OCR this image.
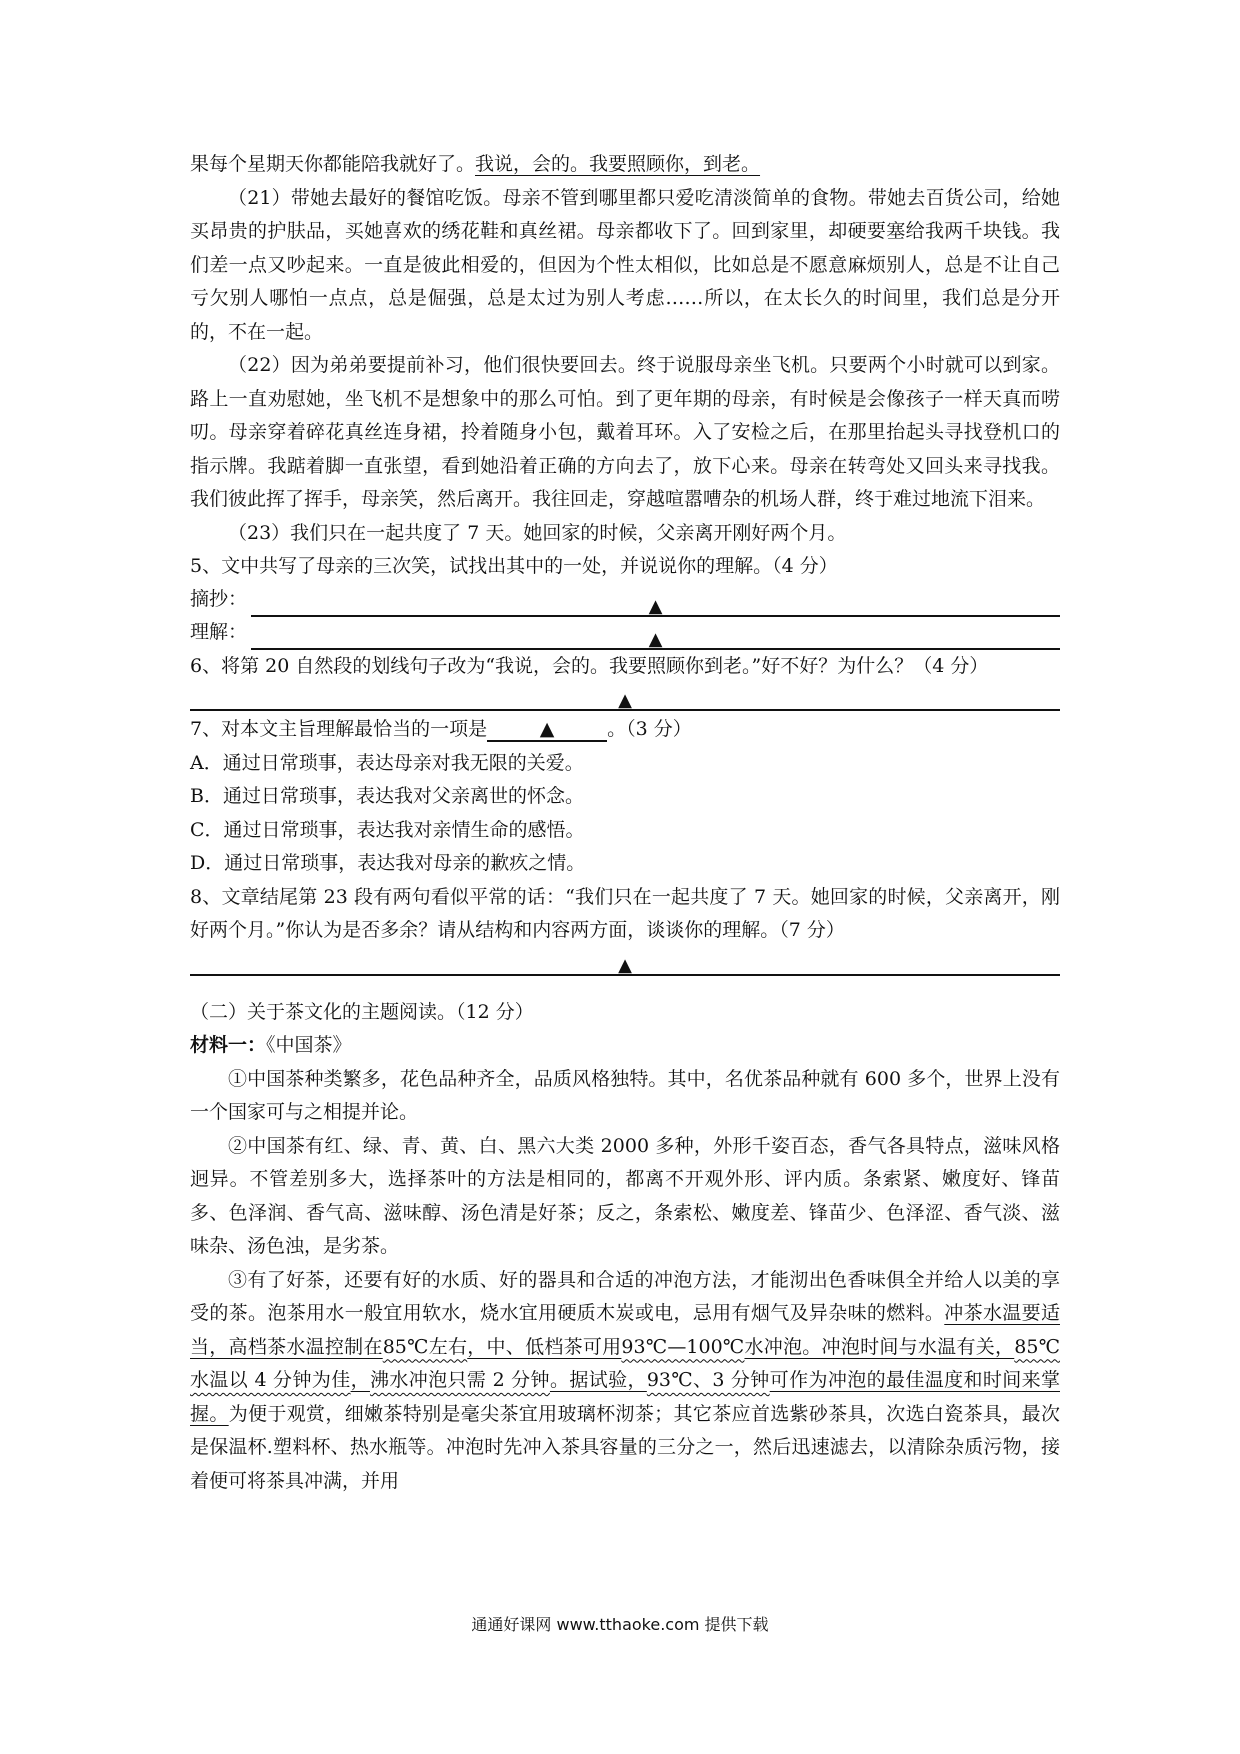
果每个星期天你都能陪我就好了。我说，会的。我要照顾你，到老。

（21）带她去最好的餐馆吃饭。母亲不管到哪里都只爱吃清淡简单的食物。带她去百货公司，给她买昂贵的护肤品，买她喜欢的绣花鞋和真丝裙。母亲都收下了。回到家里，却硬要塞给我两千块钱。我们差一点又吵起来。一直是彼此相爱的，但因为个性太相似，比如总是不愿意麻烦别人，总是不让自己亏欠别人哪怕一点点，总是倔强，总是太过为别人考虑……所以，在太长久的时间里，我们总是分开的，不在一起。

（22）因为弟弟要提前补习，他们很快要回去。终于说服母亲坐飞机。只要两个小时就可以到家。路上一直劝慰她，坐飞机不是想象中的那么可怕。到了更年期的母亲，有时候是会像孩子一样天真而唠叨。母亲穿着碎花真丝连身裙，拎着随身小包，戴着耳环。入了安检之后，在那里抬起头寻找登机口的指示牌。我踮着脚一直张望，看到她沿着正确的方向去了，放下心来。母亲在转弯处又回头来寻找我。我们彼此挥了挥手，母亲笑，然后离开。我往回走，穿越喧嚣嘈杂的机场人群，终于难过地流下泪来。

（23）我们只在一起共度了 7 天。她回家的时候，父亲离开刚好两个月。

5、文中共写了母亲的三次笑，试找出其中的一处，并说说你的理解。（4 分）

摘抄：	▲
理解：	▲

6、将第 20 自然段的划线句子改为“我说，会的。我要照顾你到老。”好不好？为什么？（4 分）

▲

7、对本文主旨理解最恰当的一项是	▲	。（3 分）

A．通过日常琐事，表达母亲对我无限的关爱。

B．通过日常琐事，表达我对父亲离世的怀念。

C．通过日常琐事，表达我对亲情生命的感悟。

D．通过日常琐事，表达我对母亲的歉疚之情。

8、文章结尾第 23 段有两句看似平常的话：“我们只在一起共度了 7 天。她回家的时候，父亲离开，刚好两个月。”你认为是否多余？请从结构和内容两方面，谈谈你的理解。（7 分）

▲

（二）关于茶文化的主题阅读。（12 分）

材料一：《中国茶》

①中国茶种类繁多，花色品种齐全，品质风格独特。其中，名优茶品种就有 600 多个，世界上没有一个国家可与之相提并论。

②中国茶有红、绿、青、黄、白、黑六大类 2000 多种，外形千姿百态，香气各具特点，滋味风格迥异。不管差别多大，选择茶叶的方法是相同的，都离不开观外形、评内质。条索紧、嫩度好、锋苗多、色泽润、香气高、滋味醇、汤色清是好茶；反之，条索松、嫩度差、锋苗少、色泽涩、香气淡、滋味杂、汤色浊，是劣茶。

③有了好茶，还要有好的水质、好的器具和合适的冲泡方法，才能沏出色香味俱全并给人以美的享受的茶。泡茶用水一般宜用软水，烧水宜用硬质木炭或电，忌用有烟气及异杂味的燃料。冲茶水温要适当，高档茶水温控制在85℃左右，中、低档茶可用93℃—100℃水冲泡。冲泡时间与水温有关，85℃水温以 4 分钟为佳，沸水冲泡只需 2 分钟。据试验，93℃、3 分钟可作为冲泡的最佳温度和时间来掌握。为便于观赏，细嫩茶特别是毫尖茶宜用玻璃杯沏茶；其它茶应首选紫砂茶具，次选白瓷茶具，最次是保温杯.塑料杯、热水瓶等。冲泡时先冲入茶具容量的三分之一，然后迅速滤去，以清除杂质污物，接着便可将茶具冲满，并用

通通好课网 www.tthaoke.com 提供下载
